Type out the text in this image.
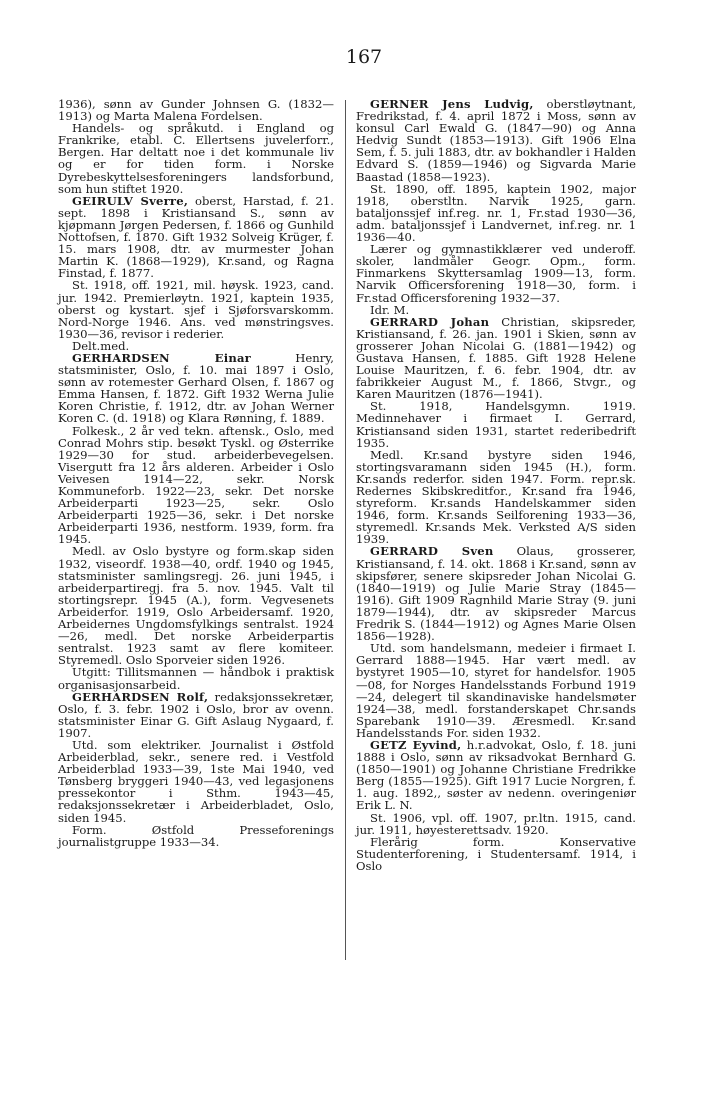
167

1936), sønn av Gunder Johnsen G. (1832—1913) og Marta Malena Fordelsen.

Handels- og språkutd. i England og Frankrike, etabl. C. Ellertsens juvelerforr., Bergen. Har deltatt noe i det kommunale liv og er for tiden form. i Norske Dyrebeskyttelsesforeningers landsforbund, som hun stiftet 1920.

GEIRULV Sverre, oberst, Harstad, f. 21. sept. 1898 i Kristiansand S., sønn av kjøpmann Jørgen Pedersen, f. 1866 og Gunhild Nottofsen, f. 1870. Gift 1932 Solveig Krüger, f. 15. mars 1908, dtr. av murmester Johan Martin K. (1868—1929), Kr.sand, og Ragna Finstad, f. 1877.

St. 1918, off. 1921, mil. høysk. 1923, cand. jur. 1942. Premierløytn. 1921, kaptein 1935, oberst og kystart. sjef i Sjøforsvarskomm. Nord-Norge 1946. Ans. ved mønstringsves. 1930—36, revisor i rederier.

Delt.med.

GERHARDSEN Einar Henry, statsminister, Oslo, f. 10. mai 1897 i Oslo, sønn av rotemester Gerhard Olsen, f. 1867 og Emma Hansen, f. 1872. Gift 1932 Werna Julie Koren Christie, f. 1912, dtr. av Johan Werner Koren C. (d. 1918) og Klara Rønning, f. 1889.

Folkesk., 2 år ved tekn. aftensk., Oslo, med Conrad Mohrs stip. besøkt Tyskl. og Østerrike 1929—30 for stud. arbeiderbevegelsen. Visergutt fra 12 års alderen. Arbeider i Oslo Veivesen 1914—22, sekr. Norsk Kommuneforb. 1922—23, sekr. Det norske Arbeiderparti 1923—25, sekr. Oslo Arbeiderparti 1925—36, sekr. i Det norske Arbeiderparti 1936, nestform. 1939, form. fra 1945.

Medl. av Oslo bystyre og form.skap siden 1932, viseordf. 1938—40, ordf. 1940 og 1945, statsminister samlingsregj. 26. juni 1945, i arbeiderpartiregj. fra 5. nov. 1945. Valt til stortingsrepr. 1945 (A.), form. Vegvesenets Arbeiderfor. 1919, Oslo Arbeidersamf. 1920, Arbeidernes Ungdomsfylkings sentralst. 1924—26, medl. Det norske Arbeiderpartis sentralst. 1923 samt av flere komiteer. Styremedl. Oslo Sporveier siden 1926.

Utgitt: Tillitsmannen — håndbok i praktisk organisasjonsarbeid.

GERHARDSEN Rolf, redaksjonssekretær, Oslo, f. 3. febr. 1902 i Oslo, bror av ovenn. statsminister Einar G. Gift Aslaug Nygaard, f. 1907.

Utd. som elektriker. Journalist i Østfold Arbeiderblad, sekr., senere red. i Vestfold Arbeiderblad 1933—39, 1ste Mai 1940, ved Tønsberg bryggeri 1940—43, ved legasjonens pressekontor i Sthm. 1943—45, redaksjonssekretær i Arbeiderbladet, Oslo, siden 1945.

Form. Østfold Presseforenings journalistgruppe 1933—34.

GERNER Jens Ludvig, oberstløytnant, Fredrikstad, f. 4. april 1872 i Moss, sønn av konsul Carl Ewald G. (1847—90) og Anna Hedvig Sundt (1853—1913). Gift 1906 Elna Sem, f. 5. juli 1883, dtr. av bokhandler i Halden Edvard S. (1859—1946) og Sigvarda Marie Baastad (1858—1923).

St. 1890, off. 1895, kaptein 1902, major 1918, oberstltn. Narvik 1925, garn. bataljonssjef inf.reg. nr. 1, Fr.stad 1930—36, adm. bataljonssjef i Landvernet, inf.reg. nr. 1 1936—40.

Lærer og gymnastikklærer ved underoff. skoler, landmåler Geogr. Opm., form. Finmarkens Skyttersamlag 1909—13, form. Narvik Officersforening 1918—30, form. i Fr.stad Officersforening 1932—37.

Idr. M.

GERRARD Johan Christian, skipsreder, Kristiansand, f. 26. jan. 1901 i Skien, sønn av grosserer Johan Nicolai G. (1881—1942) og Gustava Hansen, f. 1885. Gift 1928 Helene Louise Mauritzen, f. 6. febr. 1904, dtr. av fabrikkeier August M., f. 1866, Stvgr., og Karen Mauritzen (1876—1941).

St. 1918, Handelsgymn. 1919. Medinnehaver i firmaet I. Gerrard, Kristiansand siden 1931, startet rederibedrift 1935.

Medl. Kr.sand bystyre siden 1946, stortingsvaramann siden 1945 (H.), form. Kr.sands rederfor. siden 1947. Form. repr.sk. Redernes Skibskreditfor., Kr.sand fra 1946, styreform. Kr.sands Handelskammer siden 1946, form. Kr.sands Seilforening 1933—36, styremedl. Kr.sands Mek. Verksted A/S siden 1939.

GERRARD Sven Olaus, grosserer, Kristiansand, f. 14. okt. 1868 i Kr.sand, sønn av skipsfører, senere skipsreder Johan Nicolai G. (1840—1919) og Julie Marie Stray (1845—1916). Gift 1909 Ragnhild Marie Stray (9. juni 1879—1944), dtr. av skipsreder Marcus Fredrik S. (1844—1912) og Agnes Marie Olsen 1856—1928).

Utd. som handelsmann, medeier i firmaet I. Gerrard 1888—1945. Har vært medl. av bystyret 1905—10, styret for handelsfor. 1905—08, for Norges Handelsstands Forbund 1919—24, delegert til skandinaviske handelsmøter 1924—38, medl. forstanderskapet Chr.sands Sparebank 1910—39. Æresmedl. Kr.sand Handelsstands For. siden 1932.

GETZ Eyvind, h.r.advokat, Oslo, f. 18. juni 1888 i Oslo, sønn av riksadvokat Bernhard G. (1850—1901) og Johanne Christiane Fredrikke Berg (1855—1925). Gift 1917 Lucie Norgren, f. 1. aug. 1892,, søster av nedenn. overingeniør Erik L. N.

St. 1906, vpl. off. 1907, pr.ltn. 1915, cand. jur. 1911, høyesterettsadv. 1920.

Flerårig form. Konservative Studenterforening, i Studentersamf. 1914, i Oslo
